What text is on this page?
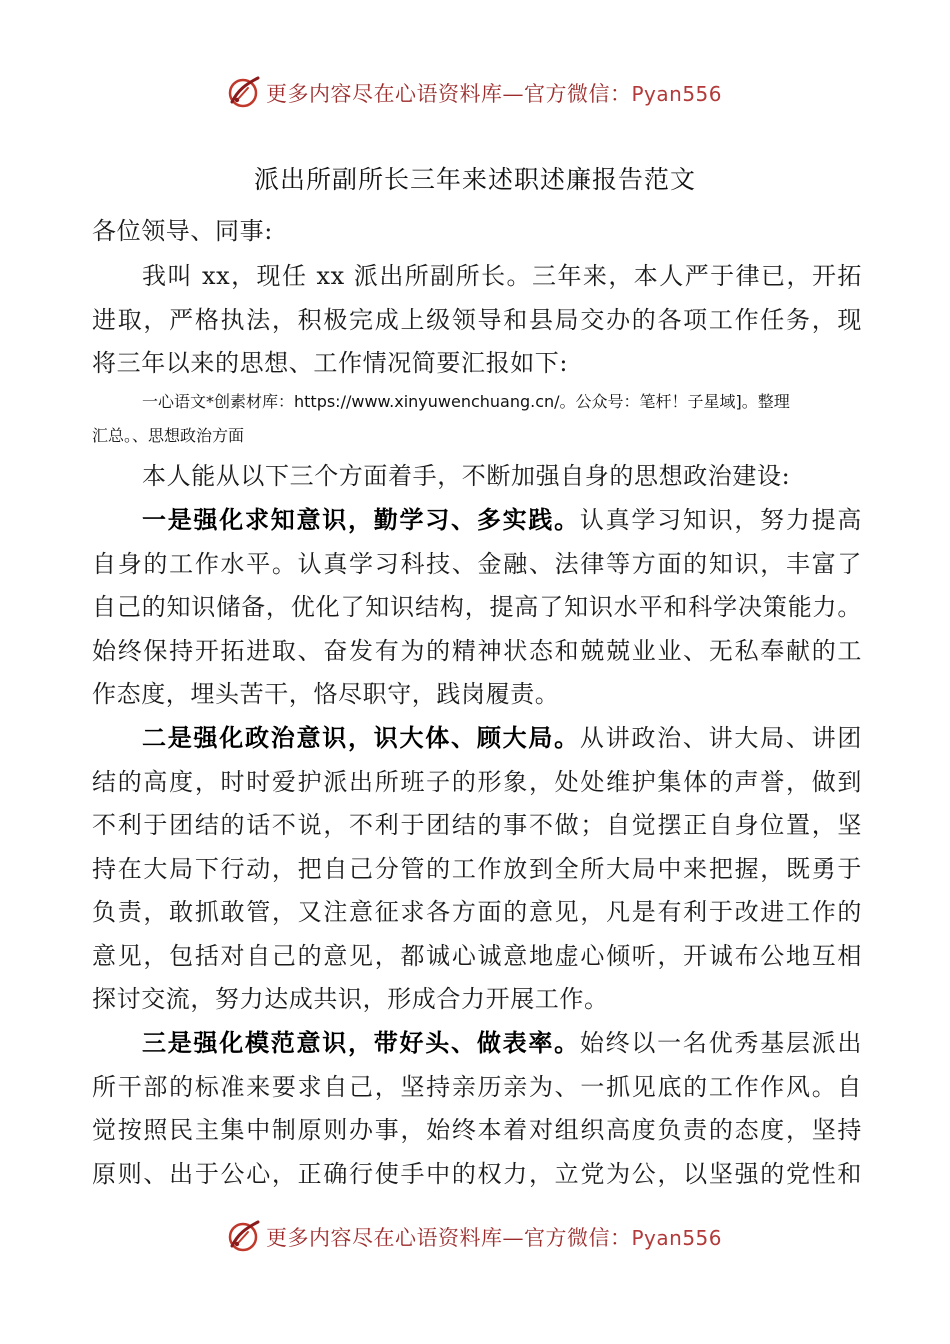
更多内容尽在心语资料库—官方微信：Pyan556
派出所副所长三年来述职述廉报告范文
各位领导、同事:
我叫 xx，现任 xx 派出所副所长。三年来，本人严于律已，开拓
进取，严格执法，积极完成上级领导和县局交办的各项工作任务，现
将三年以来的思想、工作情况简要汇报如下:
一心语文*创素材库：https://www.xinyuwenchuang.cn/。公众号：笔杆！子星域]。整理
汇总。、思想政治方面
本人能从以下三个方面着手，不断加强自身的思想政治建设:
一是强化求知意识，勤学习、多实践。认真学习知识，努力提高
自身的工作水平。认真学习科技、金融、法律等方面的知识，丰富了
自己的知识储备，优化了知识结构，提高了知识水平和科学决策能力。
始终保持开拓进取、奋发有为的精神状态和兢兢业业、无私奉献的工
作态度，埋头苦干，恪尽职守，践岗履责。
二是强化政治意识，识大体、顾大局。从讲政治、讲大局、讲团
结的高度，时时爱护派出所班子的形象，处处维护集体的声誉，做到
不利于团结的话不说，不利于团结的事不做；自觉摆正自身位置，坚
持在大局下行动，把自己分管的工作放到全所大局中来把握，既勇于
负责，敢抓敢管，又注意征求各方面的意见，凡是有利于改进工作的
意见，包括对自己的意见，都诚心诚意地虚心倾听，开诚布公地互相
探讨交流，努力达成共识，形成合力开展工作。
三是强化模范意识，带好头、做表率。始终以一名优秀基层派出
所干部的标准来要求自己，坚持亲历亲为、一抓见底的工作作风。自
觉按照民主集中制原则办事，始终本着对组织高度负责的态度，坚持
原则、出于公心，正确行使手中的权力，立党为公，以坚强的党性和
更多内容尽在心语资料库—官方微信：Pyan556
